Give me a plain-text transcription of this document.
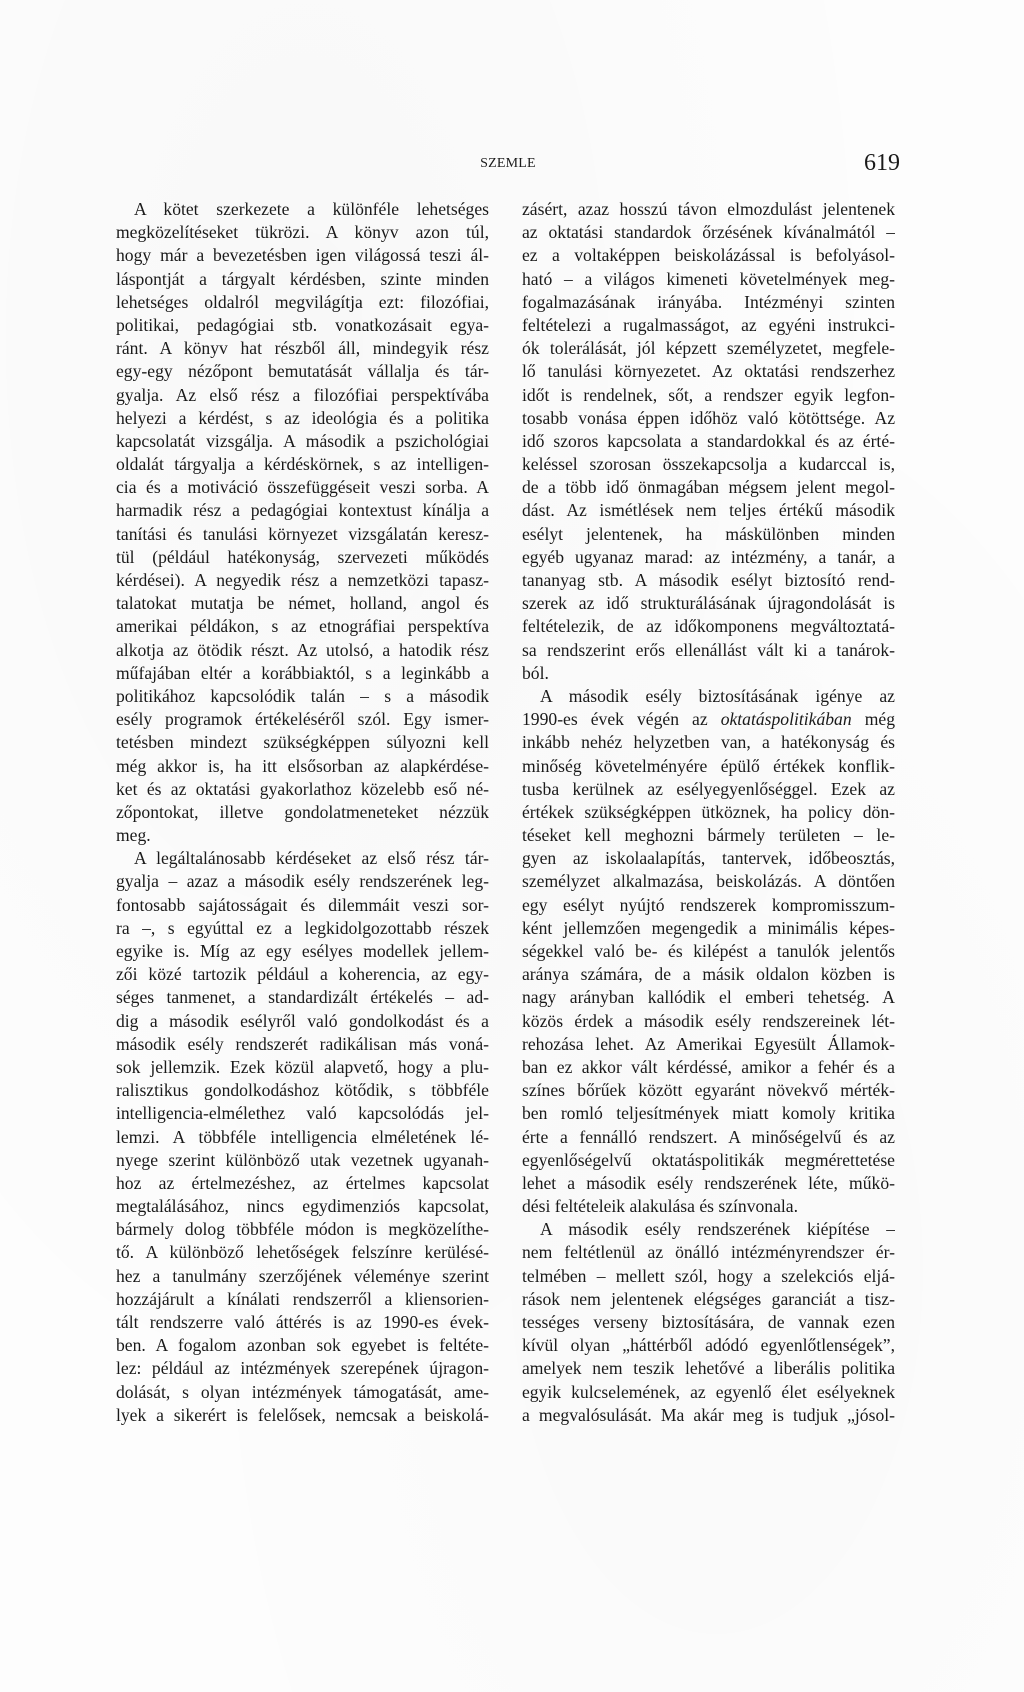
SZEMLE	619
A kötet szerkezete a különféle lehetséges
megközelítéseket tükrözi. A könyv azon túl,
hogy már a bevezetésben igen világossá teszi ál-
láspontját a tárgyalt kérdésben, szinte minden
lehetséges oldalról megvilágítja ezt: filozófiai,
politikai, pedagógiai stb. vonatkozásait egya-
ránt. A könyv hat részből áll, mindegyik rész
egy-egy nézőpont bemutatását vállalja és tár-
gyalja. Az első rész a filozófiai perspektívába
helyezi a kérdést, s az ideológia és a politika
kapcsolatát vizsgálja. A második a pszichológiai
oldalát tárgyalja a kérdéskörnek, s az intelligen-
cia és a motiváció összefüggéseit veszi sorba. A
harmadik rész a pedagógiai kontextust kínálja a
tanítási és tanulási környezet vizsgálatán keresz-
tül (például hatékonyság, szervezeti működés
kérdései). A negyedik rész a nemzetközi tapasz-
talatokat mutatja be német, holland, angol és
amerikai példákon, s az etnográfiai perspektíva
alkotja az ötödik részt. Az utolsó, a hatodik rész
műfajában eltér a korábbiaktól, s a leginkább a
politikához kapcsolódik talán – s a második
esély programok értékeléséről szól. Egy ismer-
tetésben mindezt szükségképpen súlyozni kell
még akkor is, ha itt elsősorban az alapkérdése-
ket és az oktatási gyakorlathoz közelebb eső né-
zőpontokat, illetve gondolatmeneteket nézzük
meg.
A legáltalánosabb kérdéseket az első rész tár-
gyalja – azaz a második esély rendszerének leg-
fontosabb sajátosságait és dilemmáit veszi sor-
ra –, s egyúttal ez a legkidolgozottabb részek
egyike is. Míg az egy esélyes modellek jellem-
zői közé tartozik például a koherencia, az egy-
séges tanmenet, a standardizált értékelés – ad-
dig a második esélyről való gondolkodást és a
második esély rendszerét radikálisan más voná-
sok jellemzik. Ezek közül alapvető, hogy a plu-
ralisztikus gondolkodáshoz kötődik, s többféle
intelligencia-elmélethez való kapcsolódás jel-
lemzi. A többféle intelligencia elméletének lé-
nyege szerint különböző utak vezetnek ugyanah-
hoz az értelmezéshez, az értelmes kapcsolat
megtalálásához, nincs egydimenziós kapcsolat,
bármely dolog többféle módon is megközelíthe-
tő. A különböző lehetőségek felszínre kerülésé-
hez a tanulmány szerzőjének véleménye szerint
hozzájárult a kínálati rendszerről a kliensorien-
tált rendszerre való áttérés is az 1990-es évek-
ben. A fogalom azonban sok egyebet is feltéte-
lez: például az intézmények szerepének újragon-
dolását, s olyan intézmények támogatását, ame-
lyek a sikerért is felelősek, nemcsak a beiskolá-
zásért, azaz hosszú távon elmozdulást jelentenek
az oktatási standardok őrzésének kívánalmától –
ez a voltaképpen beiskolázással is befolyásol-
ható – a világos kimeneti követelmények meg-
fogalmazásának irányába. Intézményi szinten
feltételezi a rugalmasságot, az egyéni instrukci-
ók tolerálását, jól képzett személyzetet, megfele-
lő tanulási környezetet. Az oktatási rendszerhez
időt is rendelnek, sőt, a rendszer egyik legfon-
tosabb vonása éppen időhöz való kötöttsége. Az
idő szoros kapcsolata a standardokkal és az érté-
keléssel szorosan összekapcsolja a kudarccal is,
de a több idő önmagában mégsem jelent megol-
dást. Az ismétlések nem teljes értékű második
esélyt jelentenek, ha máskülönben minden
egyéb ugyanaz marad: az intézmény, a tanár, a
tananyag stb. A második esélyt biztosító rend-
szerek az idő strukturálásának újragondolását is
feltételezik, de az időkomponens megváltoztatá-
sa rendszerint erős ellenállást vált ki a tanárok-
ból.
A második esély biztosításának igénye az
1990-es évek végén az oktatáspolitikában még
inkább nehéz helyzetben van, a hatékonyság és
minőség követelményére épülő értékek konflik-
tusba kerülnek az esélyegyenlőséggel. Ezek az
értékek szükségképpen ütköznek, ha policy dön-
téseket kell meghozni bármely területen – le-
gyen az iskolaalapítás, tantervek, időbeosztás,
személyzet alkalmazása, beiskolázás. A döntően
egy esélyt nyújtó rendszerek kompromisszum-
ként jellemzően megengedik a minimális képes-
ségekkel való be- és kilépést a tanulók jelentős
aránya számára, de a másik oldalon közben is
nagy arányban kallódik el emberi tehetség. A
közös érdek a második esély rendszereinek lét-
rehozása lehet. Az Amerikai Egyesült Államok-
ban ez akkor vált kérdéssé, amikor a fehér és a
színes bőrűek között egyaránt növekvő mérték-
ben romló teljesítmények miatt komoly kritika
érte a fennálló rendszert. A minőségelvű és az
egyenlőségelvű oktatáspolitikák megmérettetése
lehet a második esély rendszerének léte, műkö-
dési feltételeik alakulása és színvonala.
A második esély rendszerének kiépítése –
nem feltétlenül az önálló intézményrendszer ér-
telmében – mellett szól, hogy a szelekciós eljá-
rások nem jelentenek elégséges garanciát a tisz-
tességes verseny biztosítására, de vannak ezen
kívül olyan „háttérből adódó egyenlőtlenségek”,
amelyek nem teszik lehetővé a liberális politika
egyik kulcselemének, az egyenlő élet esélyeknek
a megvalósulását. Ma akár meg is tudjuk „jósol-
